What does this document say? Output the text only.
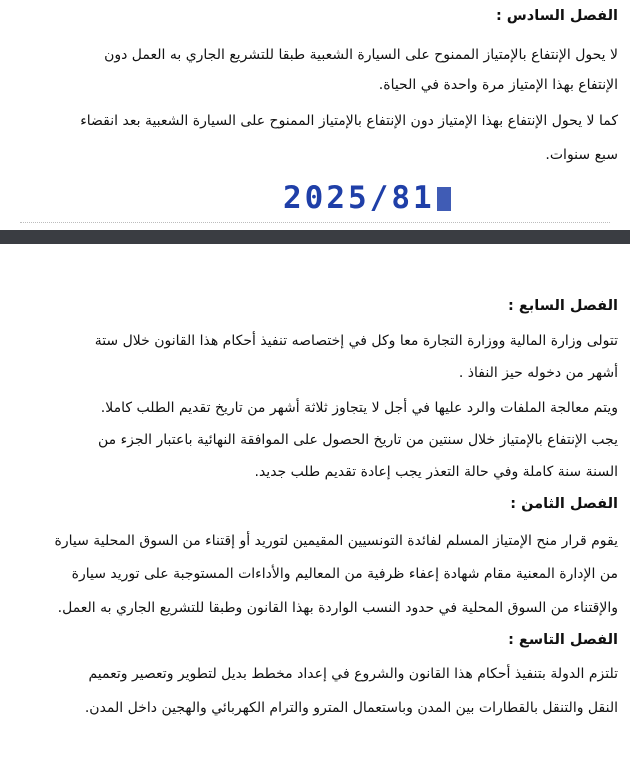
الفصل السادس :
لا يحول الإنتفاع بالإمتياز الممنوح على السيارة الشعبية طبقا للتشريع الجاري به العمل دون
الإنتفاع بهذا الإمتياز مرة واحدة في الحياة.
كما لا يحول الإنتفاع بهذا الإمتياز دون الإنتفاع بالإمتياز الممنوح على السيارة الشعبية بعد انقضاء
سبع سنوات.
2025/81
الفصل السابع :
تتولى وزارة المالية ووزارة التجارة معا وكل في إختصاصه تنفيذ أحكام هذا القانون خلال ستة
أشهر من دخوله حيز النفاذ .
ويتم معالجة الملفات والرد عليها في أجل لا يتجاوز ثلاثة أشهر من تاريخ تقديم الطلب كاملا.
يجب الإنتفاع بالإمتياز خلال سنتين من تاريخ الحصول على الموافقة النهائية باعتبار الجزء من
السنة سنة كاملة وفي حالة التعذر يجب إعادة تقديم طلب جديد.
الفصل الثامن :
يقوم قرار منح الإمتياز المسلم لفائدة التونسيين المقيمين لتوريد أو إقتناء من السوق المحلية سيارة
من الإدارة المعنية مقام شهادة إعفاء ظرفية من المعاليم والأداءات المستوجبة على توريد سيارة
والإقتناء من السوق المحلية في حدود النسب الواردة بهذا القانون وطبقا للتشريع الجاري به العمل.
الفصل التاسع :
تلتزم الدولة بتنفيذ أحكام هذا القانون والشروع في إعداد مخطط بديل لتطوير وتعصير وتعميم
النقل والتنقل بالقطارات بين المدن وباستعمال المترو والترام الكهربائي والهجين داخل المدن.
